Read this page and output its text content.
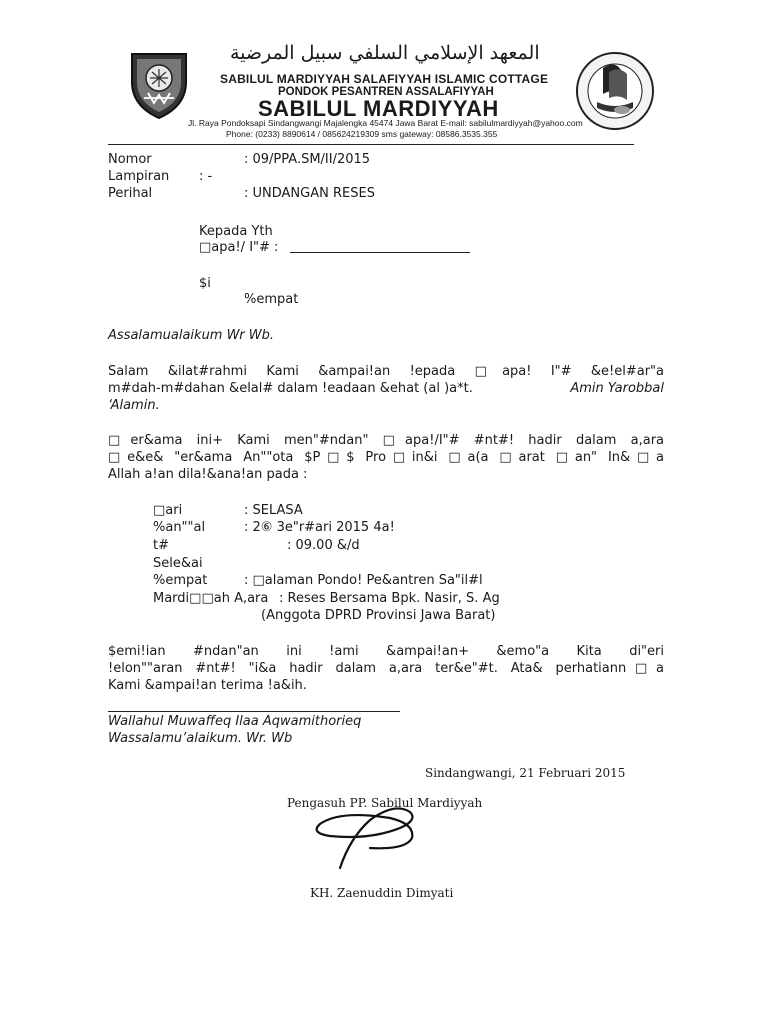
المعهد الإسلامي السلفي سبيل المرضية
SABILUL MARDIYYAH SALAFIYYAH ISLAMIC COTTAGE
PONDOK PESANTREN ASSALAFIYYAH
SABILUL MARDIYYAH
Jl. Raya Pondoksapi Sindangwangi Majalengka 45474 Jawa Barat E-mail: sabilulmardiyyah@yahoo.com
Phone: (0233) 8890614 / 085624219309 sms gateway: 08586.3535.355
Nomor	: 09/PPA.SM/II/2015
Lampiran : -
Perihal	: UNDANGAN RESES
Kepada Yth
□apa!/ I"# :
$i
%empat
Assalamualaikum Wr Wb.
Salam &ilat#rahmi Kami &ampai!an !epada □apa! I"# &e!el#ar"a
m#dah-m#dahan &elal# dalam !eadaan &ehat (al )a*t.	Amin Yarobbal
‘Alamin.
□er&ama ini+ Kami men"#ndan" □apa!/I"# #nt#! hadir dalam a,ara
□e&e& "er&ama An""ota $P□$ Pro□in&i □a(a □arat □an" In&□a
Allah a!an dila!&ana!an pada :
□ari	: SELASA
%an""al	: 2⑥ 3e"r#ari 2015 4a!
t#	: 09.00 &/d
Sele&ai
%empat	: □alaman Pondo! Pe&antren Sa"il#l
Mardi□□ah A,ara : Reses Bersama Bpk. Nasir, S. Ag
(Anggota DPRD Provinsi Jawa Barat)
$emi!ian #ndan"an ini !ami &ampai!an+ &emo"a Kita di"eri
!elon""aran #nt#! "i&a hadir dalam a,ara ter&e"#t. Ata& perhatiann□a
Kami &ampai!an terima !a&ih.
Wallahul Muwaﬀeq Ilaa Aqwamithorieq
Wassalamu’alaikum. Wr. Wb
Sindangwangi, 21 Februari 2015
Pengasuh PP. Sabilul Mardiyyah
KH. Zaenuddin Dimyati
